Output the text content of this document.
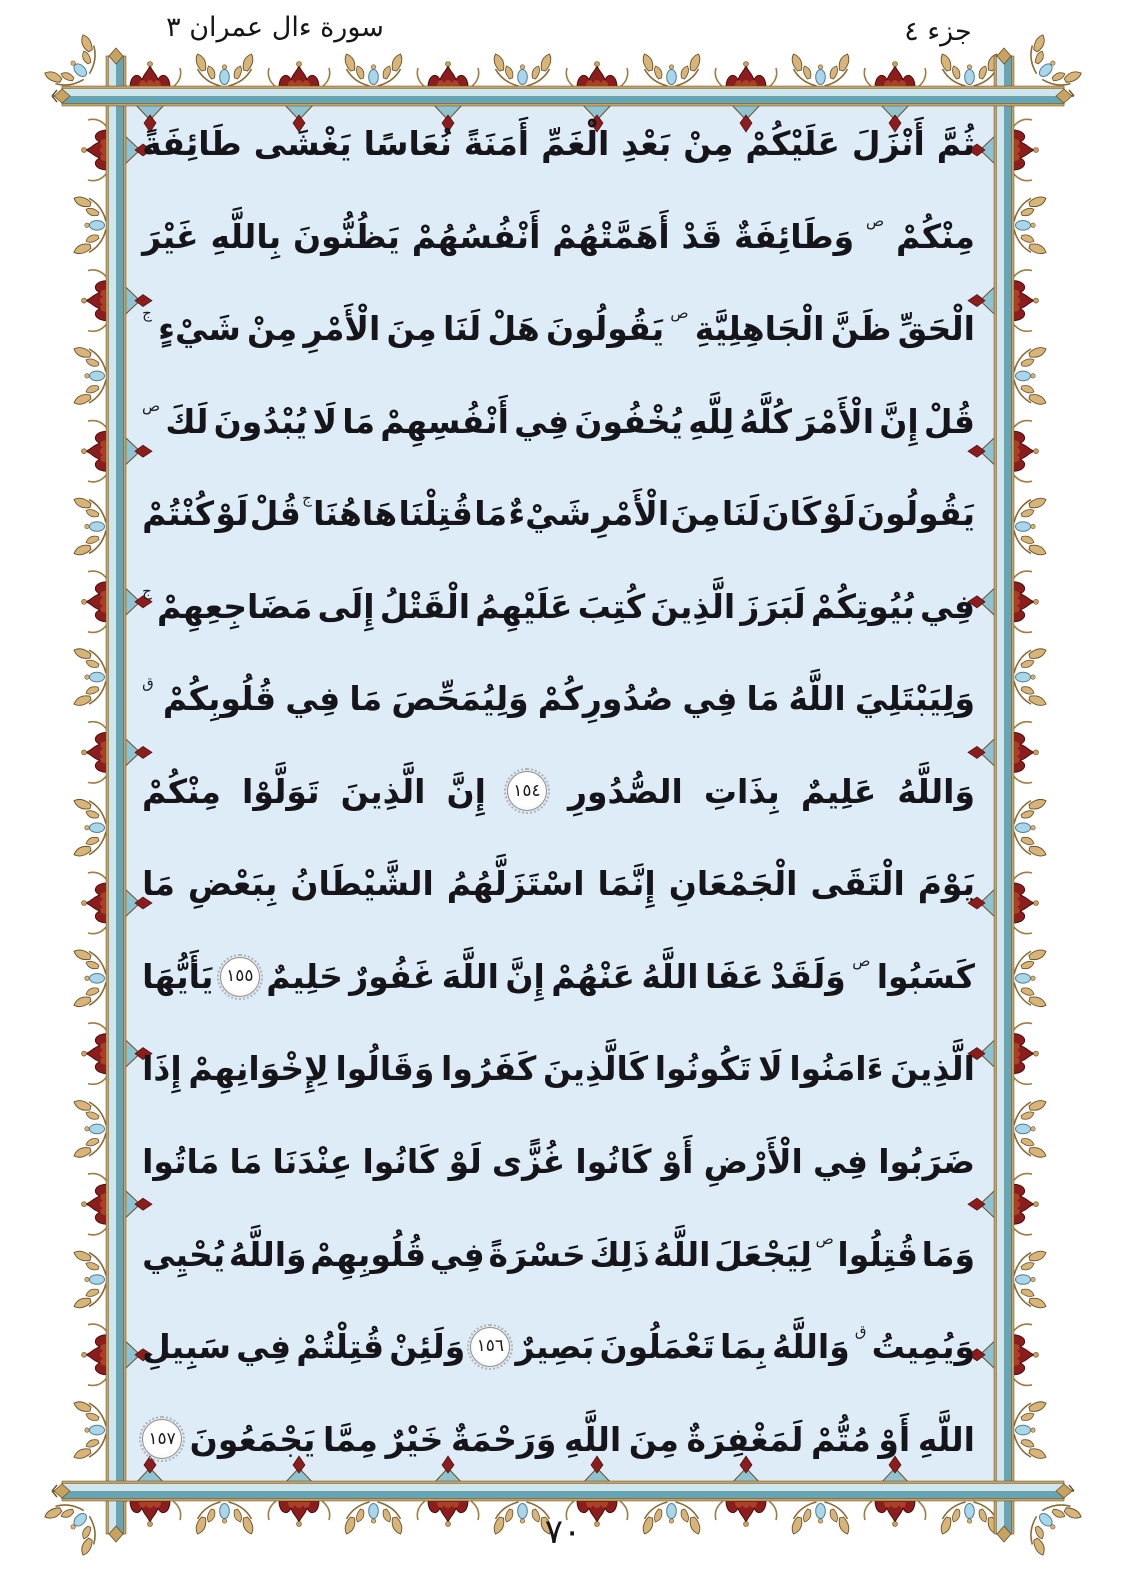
سورة ءال عمران ٣	جزء ٤
ثُمَّ
أَنْزَلَ
عَلَيْكُمْ
مِنْ
بَعْدِ
الْغَمِّ
أَمَنَةً
نُعَاسًا
يَغْشَى
طَائِفَةً
مِنْكُمْ
ص
وَطَائِفَةٌ
قَدْ
أَهَمَّتْهُمْ
أَنْفُسُهُمْ
يَظُنُّونَ
بِاللَّهِ
غَيْرَ
الْحَقِّ
ظَنَّ
الْجَاهِلِيَّةِ
ص
يَقُولُونَ
هَلْ
لَنَا
مِنَ
الْأَمْرِ
مِنْ
شَيْءٍ
ج
قُلْ
إِنَّ
الْأَمْرَ
كُلَّهُ
لِلَّهِ
يُخْفُونَ
فِي
أَنْفُسِهِمْ
مَا
لَا
يُبْدُونَ
لَكَ
ص
يَقُولُونَ
لَوْ
كَانَ
لَنَا
مِنَ
الْأَمْرِ
شَيْءٌ
مَا
قُتِلْنَا
هَاهُنَا
ج
قُلْ
لَوْ
كُنْتُمْ
فِي
بُيُوتِكُمْ
لَبَرَزَ
الَّذِينَ
كُتِبَ
عَلَيْهِمُ
الْقَتْلُ
إِلَى
مَضَاجِعِهِمْ
ج
وَلِيَبْتَلِيَ
اللَّهُ
مَا
فِي
صُدُورِكُمْ
وَلِيُمَحِّصَ
مَا
فِي
قُلُوبِكُمْ
ق
وَاللَّهُ
عَلِيمٌ
بِذَاتِ
الصُّدُورِ
١٥٤
إِنَّ
الَّذِينَ
تَوَلَّوْا
مِنْكُمْ
يَوْمَ
الْتَقَى
الْجَمْعَانِ
إِنَّمَا
اسْتَزَلَّهُمُ
الشَّيْطَانُ
بِبَعْضِ
مَا
كَسَبُوا
ص
وَلَقَدْ
عَفَا
اللَّهُ
عَنْهُمْ
إِنَّ
اللَّهَ
غَفُورٌ
حَلِيمٌ
١٥٥
يَأَيُّهَا
الَّذِينَ
ءَامَنُوا
لَا
تَكُونُوا
كَالَّذِينَ
كَفَرُوا
وَقَالُوا
لِإِخْوَانِهِمْ
إِذَا
ضَرَبُوا
فِي
الْأَرْضِ
أَوْ
كَانُوا
غُزًّى
لَوْ
كَانُوا
عِنْدَنَا
مَا
مَاتُوا
وَمَا
قُتِلُوا
ص
لِيَجْعَلَ
اللَّهُ
ذَلِكَ
حَسْرَةً
فِي
قُلُوبِهِمْ
وَاللَّهُ
يُحْيِي
وَيُمِيتُ
ق
وَاللَّهُ
بِمَا
تَعْمَلُونَ
بَصِيرٌ
١٥٦
وَلَئِنْ
قُتِلْتُمْ
فِي
سَبِيلِ
اللَّهِ
أَوْ
مُتُّمْ
لَمَغْفِرَةٌ
مِنَ
اللَّهِ
وَرَحْمَةٌ
خَيْرٌ
مِمَّا
يَجْمَعُونَ
١٥٧
٧٠
